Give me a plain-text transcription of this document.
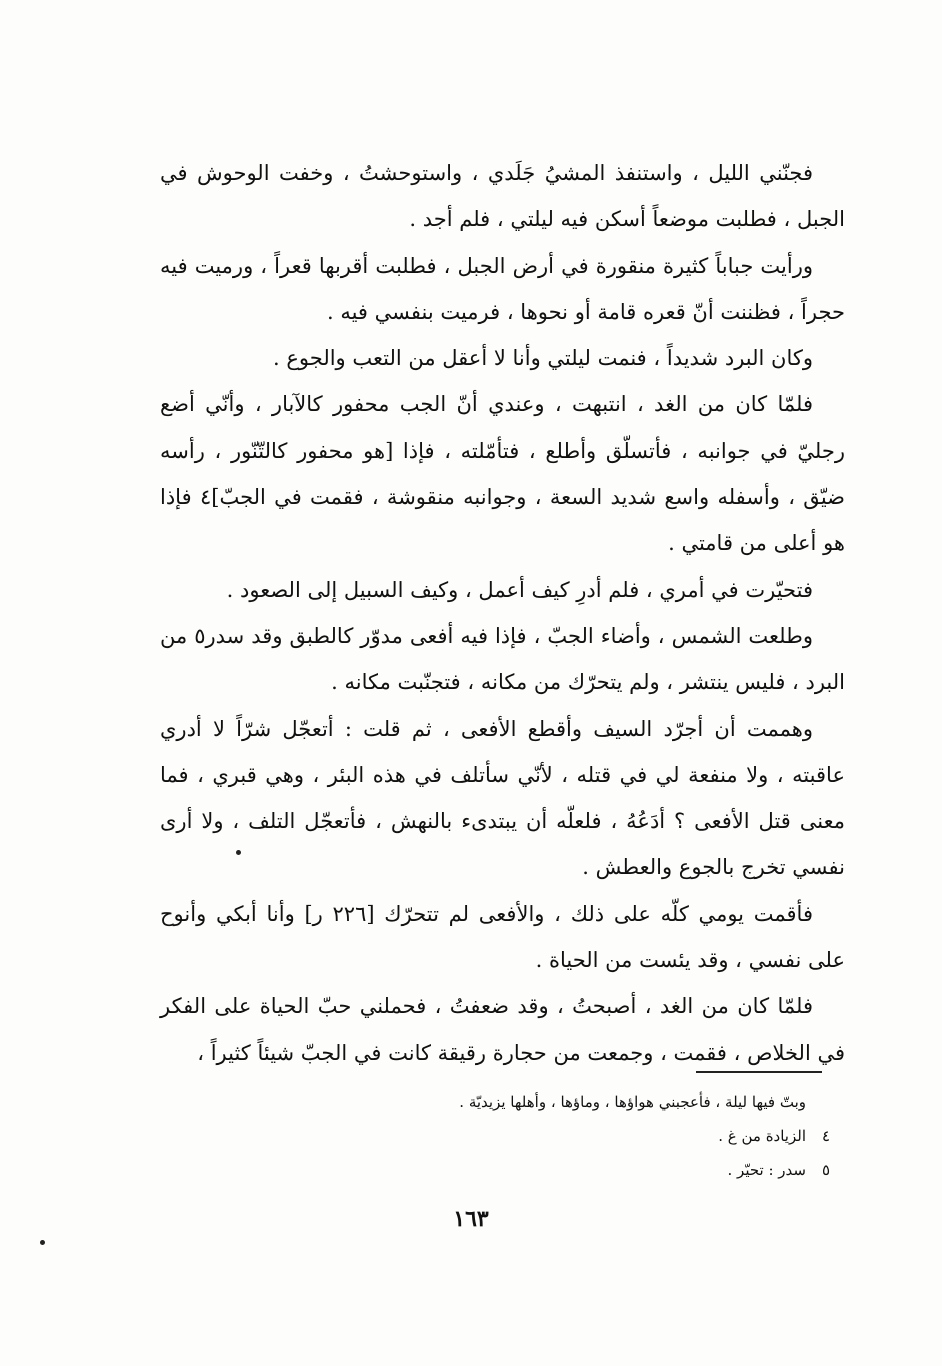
فجنّني الليل ، واستنفذ المشيُ جَلَدي ، واستوحشتُ ، وخفت الوحوش في الجبل ، فطلبت موضعاً أسكن فيه ليلتي ، فلم أجد .

ورأيت جباباً كثيرة منقورة في أرض الجبل ، فطلبت أقربها قعراً ، ورميت فيه حجراً ، فظننت أنّ قعره قامة أو نحوها ، فرميت بنفسي فيه .

وكان البرد شديداً ، فنمت ليلتي وأنا لا أعقل من التعب والجوع .

فلمّا كان من الغد ، انتبهت ، وعندي أنّ الجب محفور كالآبار ، وأنّي أضع رجليّ في جوانبه ، فأتسلّق وأطلع ، فتأمّلته ، فإذا [هو محفور كالتّنّور ، رأسه ضيّق ، وأسفله واسع شديد السعة ، وجوانبه منقوشة ، فقمت في الجبّ]٤ فإذا هو أعلى من قامتي .

فتحيّرت في أمري ، فلم أدرِ كيف أعمل ، وكيف السبيل إلى الصعود .

وطلعت الشمس ، وأضاء الجبّ ، فإذا فيه أفعى مدوّر كالطبق وقد سدر٥ من البرد ، فليس ينتشر ، ولم يتحرّك من مكانه ، فتجنّبت مكانه .

وهممت أن أجرّد السيف وأقطع الأفعى ، ثم قلت : أتعجّل شرّاً لا أدري عاقبته ، ولا منفعة لي في قتله ، لأنّي سأتلف في هذه البئر ، وهي قبري ، فما معنى قتل الأفعى ؟ أدَعُهُ ، فلعلّه أن يبتدىء بالنهش ، فأتعجّل التلف ، ولا أرى نفسي تخرج بالجوع والعطش .

فأقمت يومي كلّه على ذلك ، والأفعى لم تتحرّك [٢٢٦ ر] وأنا أبكي وأنوح على نفسي ، وقد يئست من الحياة .

فلمّا كان من الغد ، أصبحتُ ، وقد ضعفتُ ، فحملني حبّ الحياة على الفكر في الخلاص ، فقمت ، وجمعت من حجارة رقيقة كانت في الجبّ شيئاً كثيراً ،

وبتّ فيها ليلة ، فأعجبني هواؤها ، وماؤها ، وأهلها يزيديّة .
٤الزيادة من غ .
٥سدر : تحيّر .
١٦٣
